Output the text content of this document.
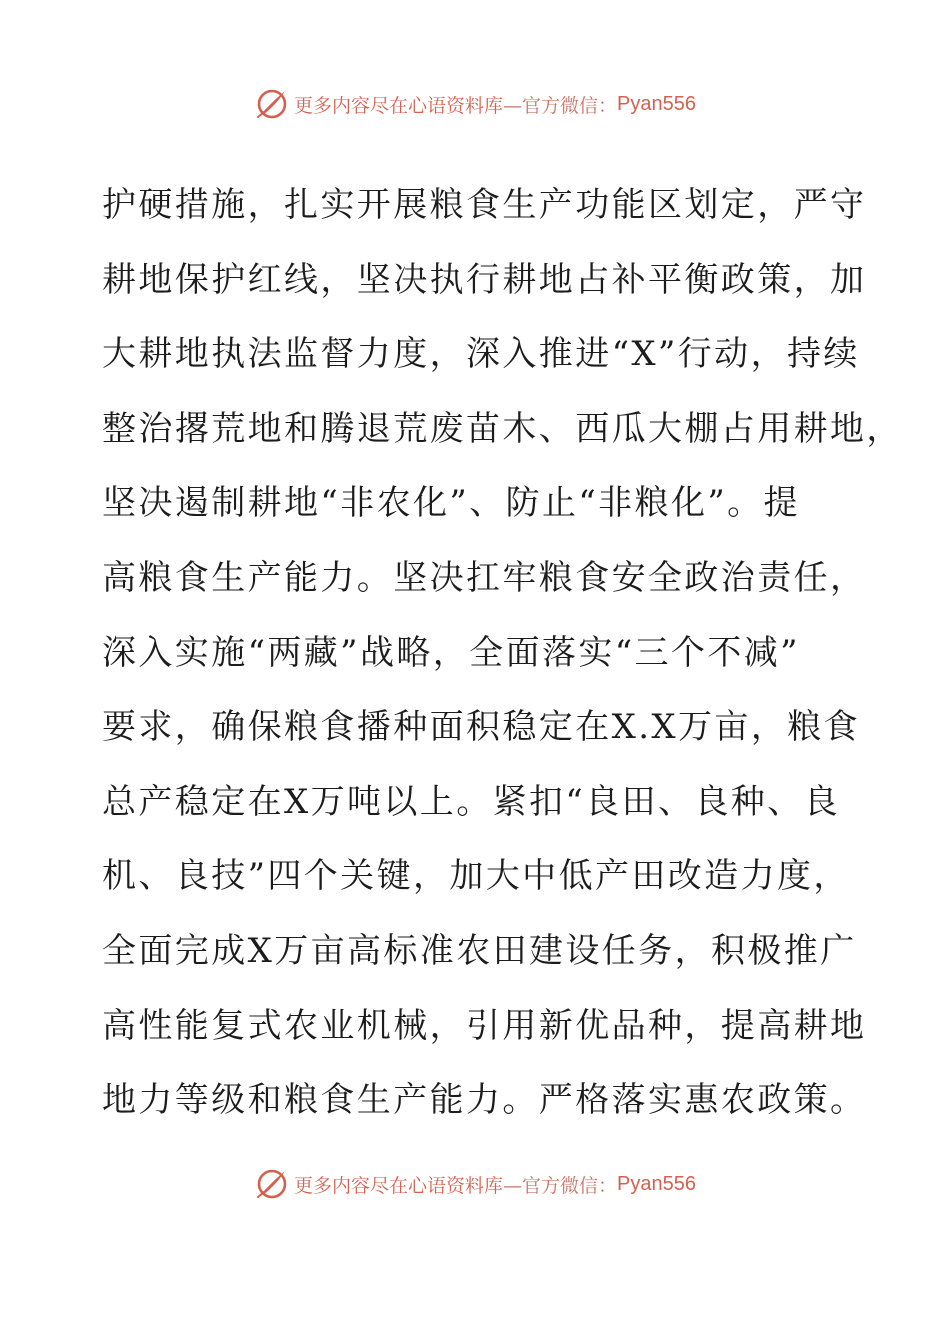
更多内容尽在心语资料库 —官方微信： Pyan556
护硬措施，扎实开展粮食生产功能区划定，严守
耕地保护红线，坚决执行耕地占补平衡政策，加
大耕地执法监督力度，深入推进“X”行动，持续
整治撂荒地和腾退荒废苗木、西瓜大棚占用耕地，
坚决遏制耕地“非农化”、防止“非粮化”。提
高粮食生产能力。坚决扛牢粮食安全政治责任，
深入实施“两藏”战略，全面落实“三个不减”
要求，确保粮食播种面积稳定在X.X万亩，粮食
总产稳定在X万吨以上。紧扣“良田、良种、良
机、良技”四个关键，加大中低产田改造力度，
全面完成X万亩高标准农田建设任务，积极推广
高性能复式农业机械，引用新优品种，提高耕地
地力等级和粮食生产能力。严格落实惠农政策。
更多内容尽在心语资料库 —官方微信： Pyan556
